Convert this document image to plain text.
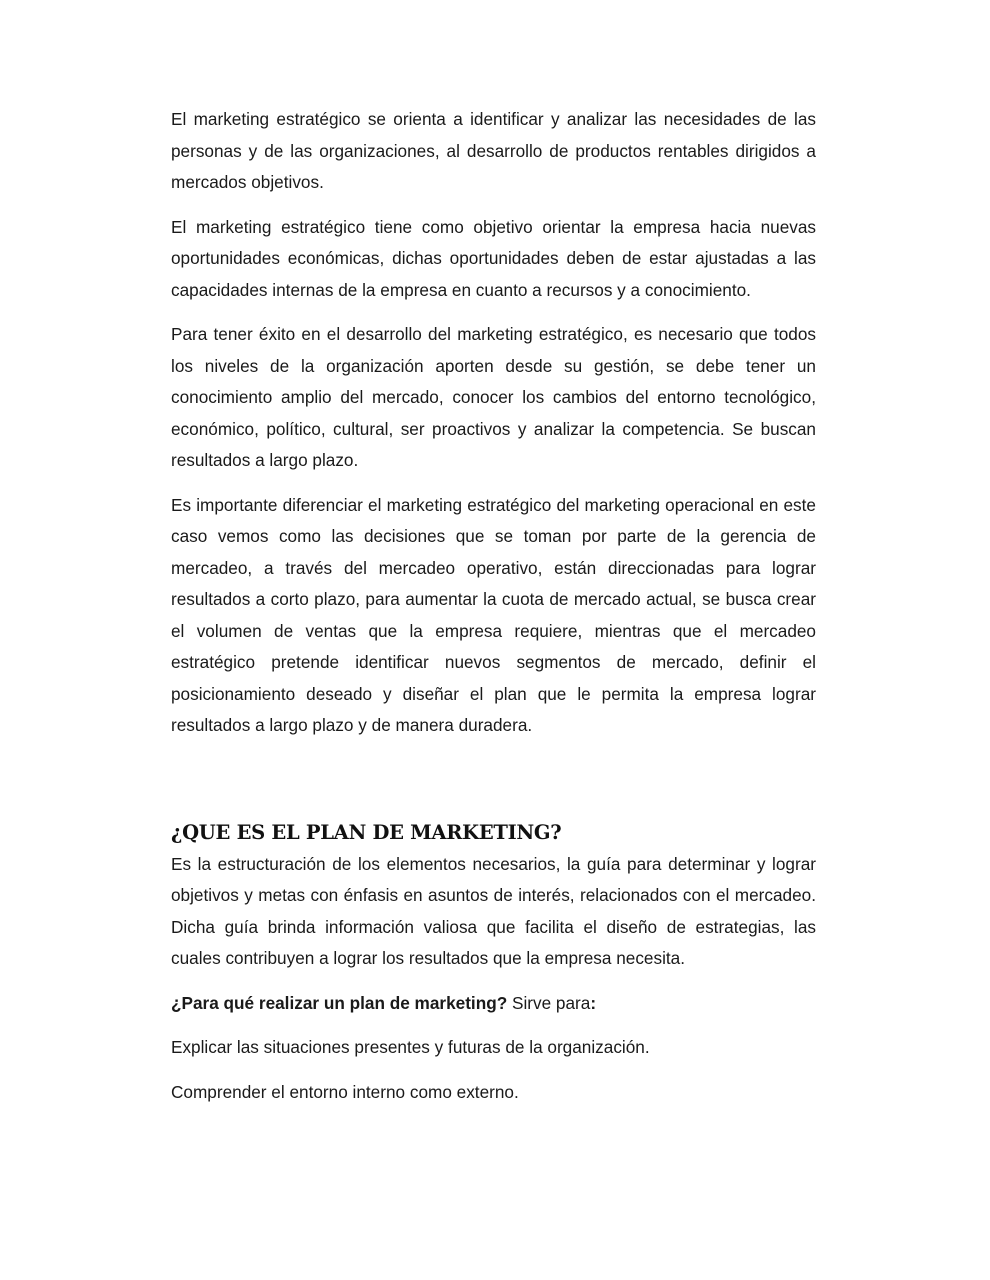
El marketing estratégico se orienta a identificar y analizar las necesidades de las personas y de las organizaciones, al desarrollo de productos rentables dirigidos a mercados objetivos.

El marketing estratégico tiene como objetivo orientar la empresa hacia nuevas oportunidades económicas, dichas oportunidades deben de estar ajustadas a las capacidades internas de la empresa en cuanto a recursos y a conocimiento.

Para tener éxito en el desarrollo del marketing estratégico, es necesario que todos los niveles de la organización aporten desde su gestión, se debe tener un conocimiento amplio del mercado, conocer los cambios del entorno tecnológico, económico, político, cultural, ser proactivos y analizar la competencia. Se buscan resultados a largo plazo.

Es importante diferenciar el marketing estratégico del marketing operacional en este caso vemos como las decisiones que se toman por parte de la gerencia de mercadeo, a través del mercadeo operativo, están direccionadas para lograr resultados a corto plazo, para aumentar la cuota de mercado actual, se busca crear el volumen de ventas que la empresa requiere, mientras que el mercadeo estratégico pretende identificar nuevos segmentos de mercado, definir el posicionamiento deseado y diseñar el plan que le permita la empresa lograr resultados a largo plazo y de manera duradera.

¿QUE ES EL PLAN DE MARKETING?

Es la estructuración de los elementos necesarios, la guía para determinar y lograr objetivos y metas con énfasis en asuntos de interés, relacionados con el mercadeo. Dicha guía brinda información valiosa que facilita el diseño de estrategias, las cuales contribuyen a lograr los resultados que la empresa necesita.

¿Para qué realizar un plan de marketing? Sirve para:

Explicar las situaciones presentes y futuras de la organización.

Comprender el entorno interno como externo.
